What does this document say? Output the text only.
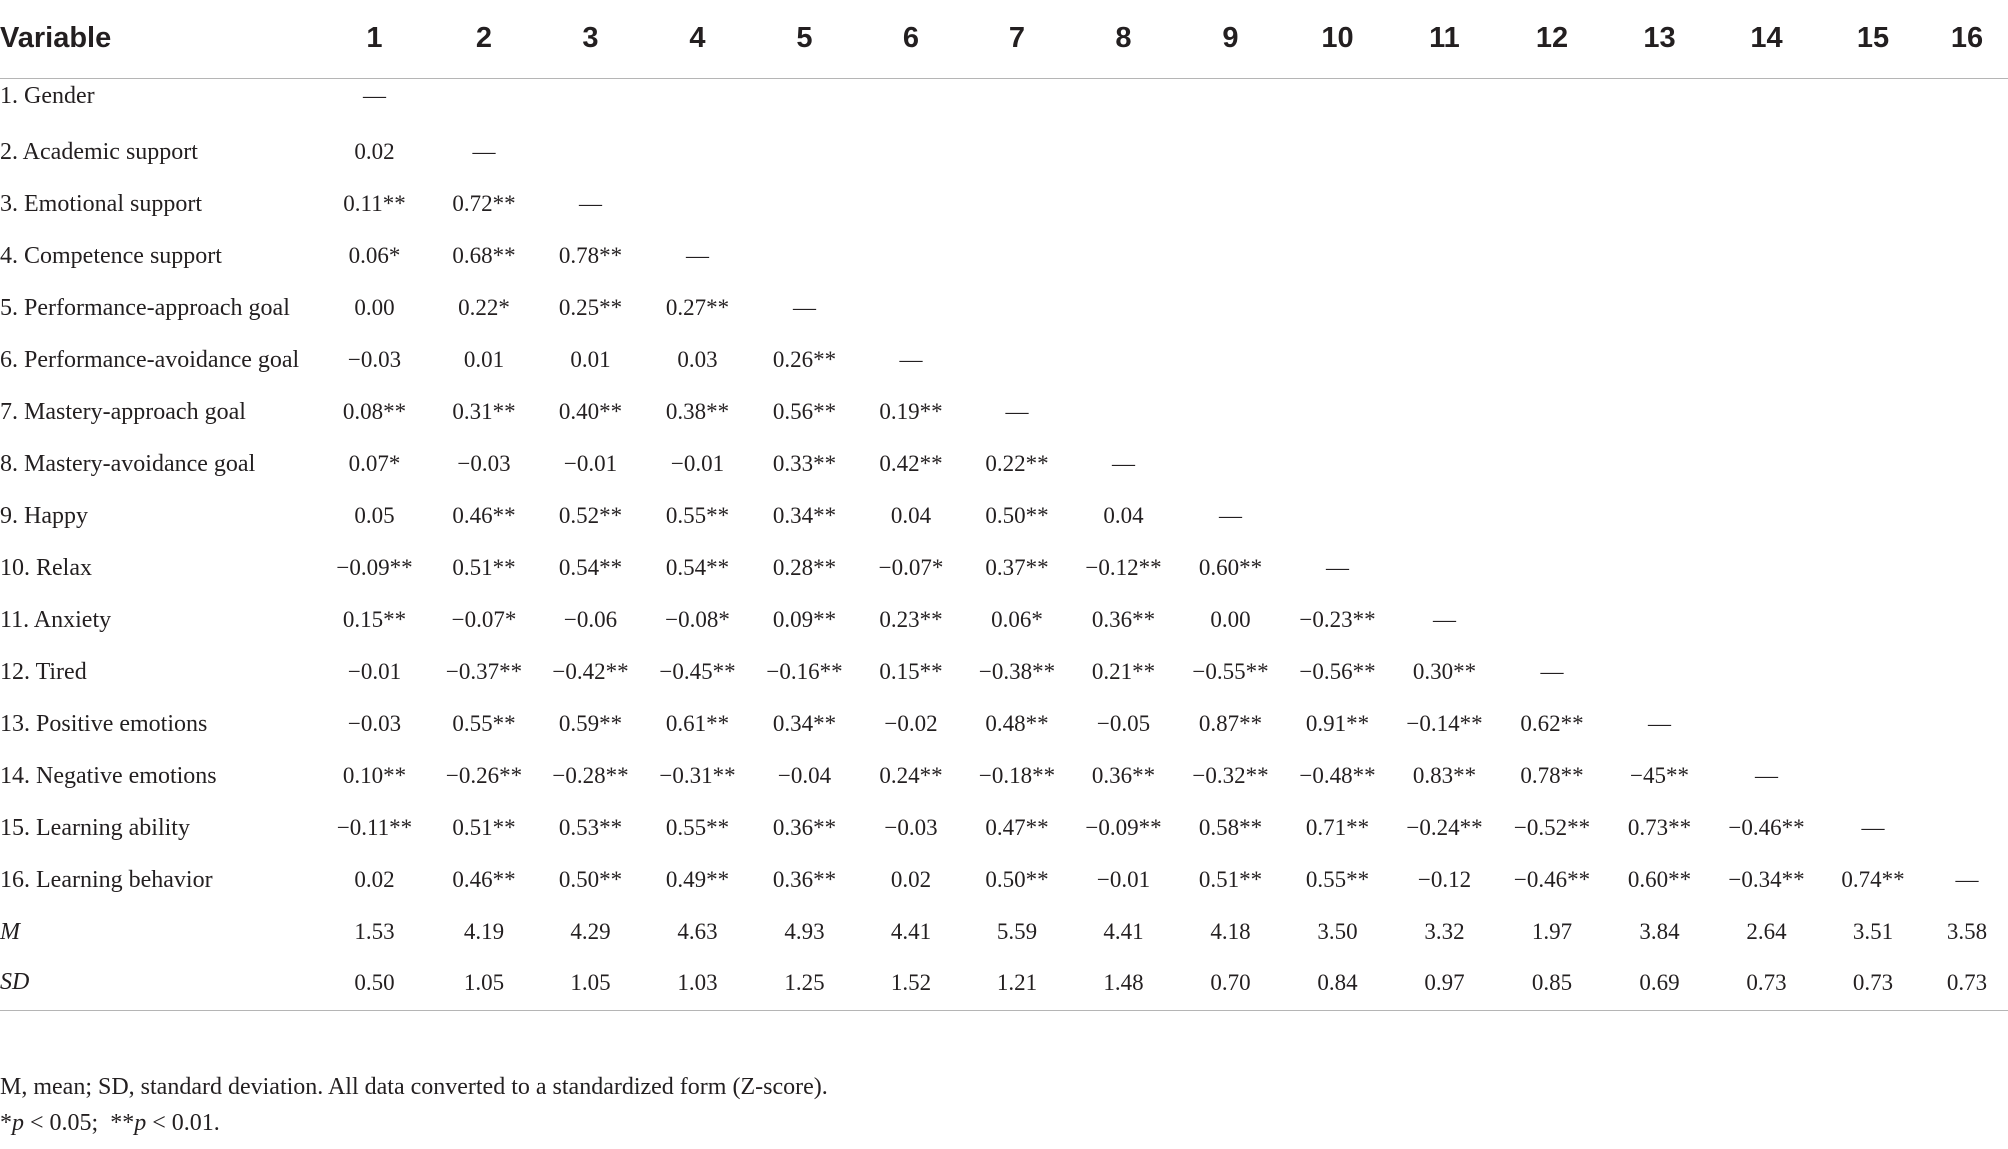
Variable	1	2	3	4	5	6	7	8	9	10	11	12	13	14	15	16
1. Gender	—															
2. Academic support	0.02	—														
3. Emotional support	0.11**	0.72**	—													
4. Competence support	0.06*	0.68**	0.78**	—												
5. Performance-approach goal	0.00	0.22*	0.25**	0.27**	—											
6. Performance-avoidance goal	−0.03	0.01	0.01	0.03	0.26**	—										
7. Mastery-approach goal	0.08**	0.31**	0.40**	0.38**	0.56**	0.19**	—									
8. Mastery-avoidance goal	0.07*	−0.03	−0.01	−0.01	0.33**	0.42**	0.22**	—								
9. Happy	0.05	0.46**	0.52**	0.55**	0.34**	0.04	0.50**	0.04	—							
10. Relax	−0.09**	0.51**	0.54**	0.54**	0.28**	−0.07*	0.37**	−0.12**	0.60**	—						
11. Anxiety	0.15**	−0.07*	−0.06	−0.08*	0.09**	0.23**	0.06*	0.36**	0.00	−0.23**	—					
12. Tired	−0.01	−0.37**	−0.42**	−0.45**	−0.16**	0.15**	−0.38**	0.21**	−0.55**	−0.56**	0.30**	—				
13. Positive emotions	−0.03	0.55**	0.59**	0.61**	0.34**	−0.02	0.48**	−0.05	0.87**	0.91**	−0.14**	0.62**	—			
14. Negative emotions	0.10**	−0.26**	−0.28**	−0.31**	−0.04	0.24**	−0.18**	0.36**	−0.32**	−0.48**	0.83**	0.78**	−45**	—		
15. Learning ability	−0.11**	0.51**	0.53**	0.55**	0.36**	−0.03	0.47**	−0.09**	0.58**	0.71**	−0.24**	−0.52**	0.73**	−0.46**	—	
16. Learning behavior	0.02	0.46**	0.50**	0.49**	0.36**	0.02	0.50**	−0.01	0.51**	0.55**	−0.12	−0.46**	0.60**	−0.34**	0.74**	—
M	1.53	4.19	4.29	4.63	4.93	4.41	5.59	4.41	4.18	3.50	3.32	1.97	3.84	2.64	3.51	3.58
SD	0.50	1.05	1.05	1.03	1.25	1.52	1.21	1.48	0.70	0.84	0.97	0.85	0.69	0.73	0.73	0.73
M, mean; SD, standard deviation. All data converted to a standardized form (Z-score).
*p < 0.05;  **p < 0.01.
